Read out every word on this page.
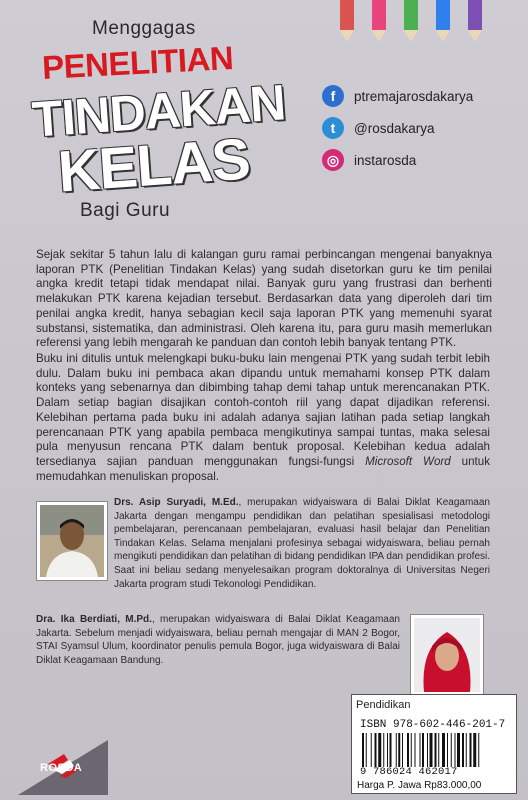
Menggagas
PENELITIAN
TINDAKAN
KELAS
Bagi Guru
f	ptremajarosdakarya
t	@rosdakarya
◎	instarosda
Sejak sekitar 5 tahun lalu di kalangan guru ramai perbincangan mengenai banyaknya laporan PTK (Penelitian Tindakan Kelas) yang sudah disetorkan guru ke tim penilai angka kredit tetapi tidak mendapat nilai. Banyak guru yang frustrasi dan berhenti melakukan PTK karena kejadian tersebut. Berdasarkan data yang diperoleh dari tim penilai angka kredit, hanya sebagian kecil saja laporan PTK yang memenuhi syarat substansi, sistematika, dan administrasi. Oleh karena itu, para guru masih memerlukan referensi yang lebih mengarah ke panduan dan contoh lebih banyak tentang PTK.
Buku ini ditulis untuk melengkapi buku-buku lain mengenai PTK yang sudah terbit lebih dulu. Dalam buku ini pembaca akan dipandu untuk memahami konsep PTK dalam konteks yang sebenarnya dan dibimbing tahap demi tahap untuk merencanakan PTK. Dalam setiap bagian disajikan contoh-contoh riil yang dapat dijadikan referensi. Kelebihan pertama pada buku ini adalah adanya sajian latihan pada setiap langkah perencanaan PTK yang apabila pembaca mengikutinya sampai tuntas, maka selesai pula menyusun rencana PTK dalam bentuk proposal. Kelebihan kedua adalah tersedianya sajian panduan menggunakan fungsi-fungsi Microsoft Word untuk memudahkan menuliskan proposal.
Drs. Asip Suryadi, M.Ed., merupakan widyaiswara di Balai Diklat Keagamaan Jakarta dengan mengampu pendidikan dan pelatihan spesialisasi metodologi pembelajaran, perencanaan pembelajaran, evaluasi hasil belajar dan Penelitian Tindakan Kelas. Selama menjalani profesinya sebagai widyaiswara, beliau pernah mengikuti pendidikan dan pelatihan di bidang pendidikan IPA dan pendidikan profesi. Saat ini beliau sedang menyelesaikan program doktoralnya di Universitas Negeri Jakarta program studi Tekonologi Pendidikan.
Dra. Ika Berdiati, M.Pd., merupakan widyaiswara di Balai Diklat Keagamaan Jakarta. Sebelum menjadi widyaiswara, beliau pernah mengajar di MAN 2 Bogor, STAI Syamsul Ulum, koordinator penulis pemula Bogor, juga widyaiswara di Balai Diklat Keagamaan Bandung.
ROSDA
Pendidikan
ISBN 978-602-446-201-7
9 786024 462017
Harga P. Jawa Rp83.000,00
